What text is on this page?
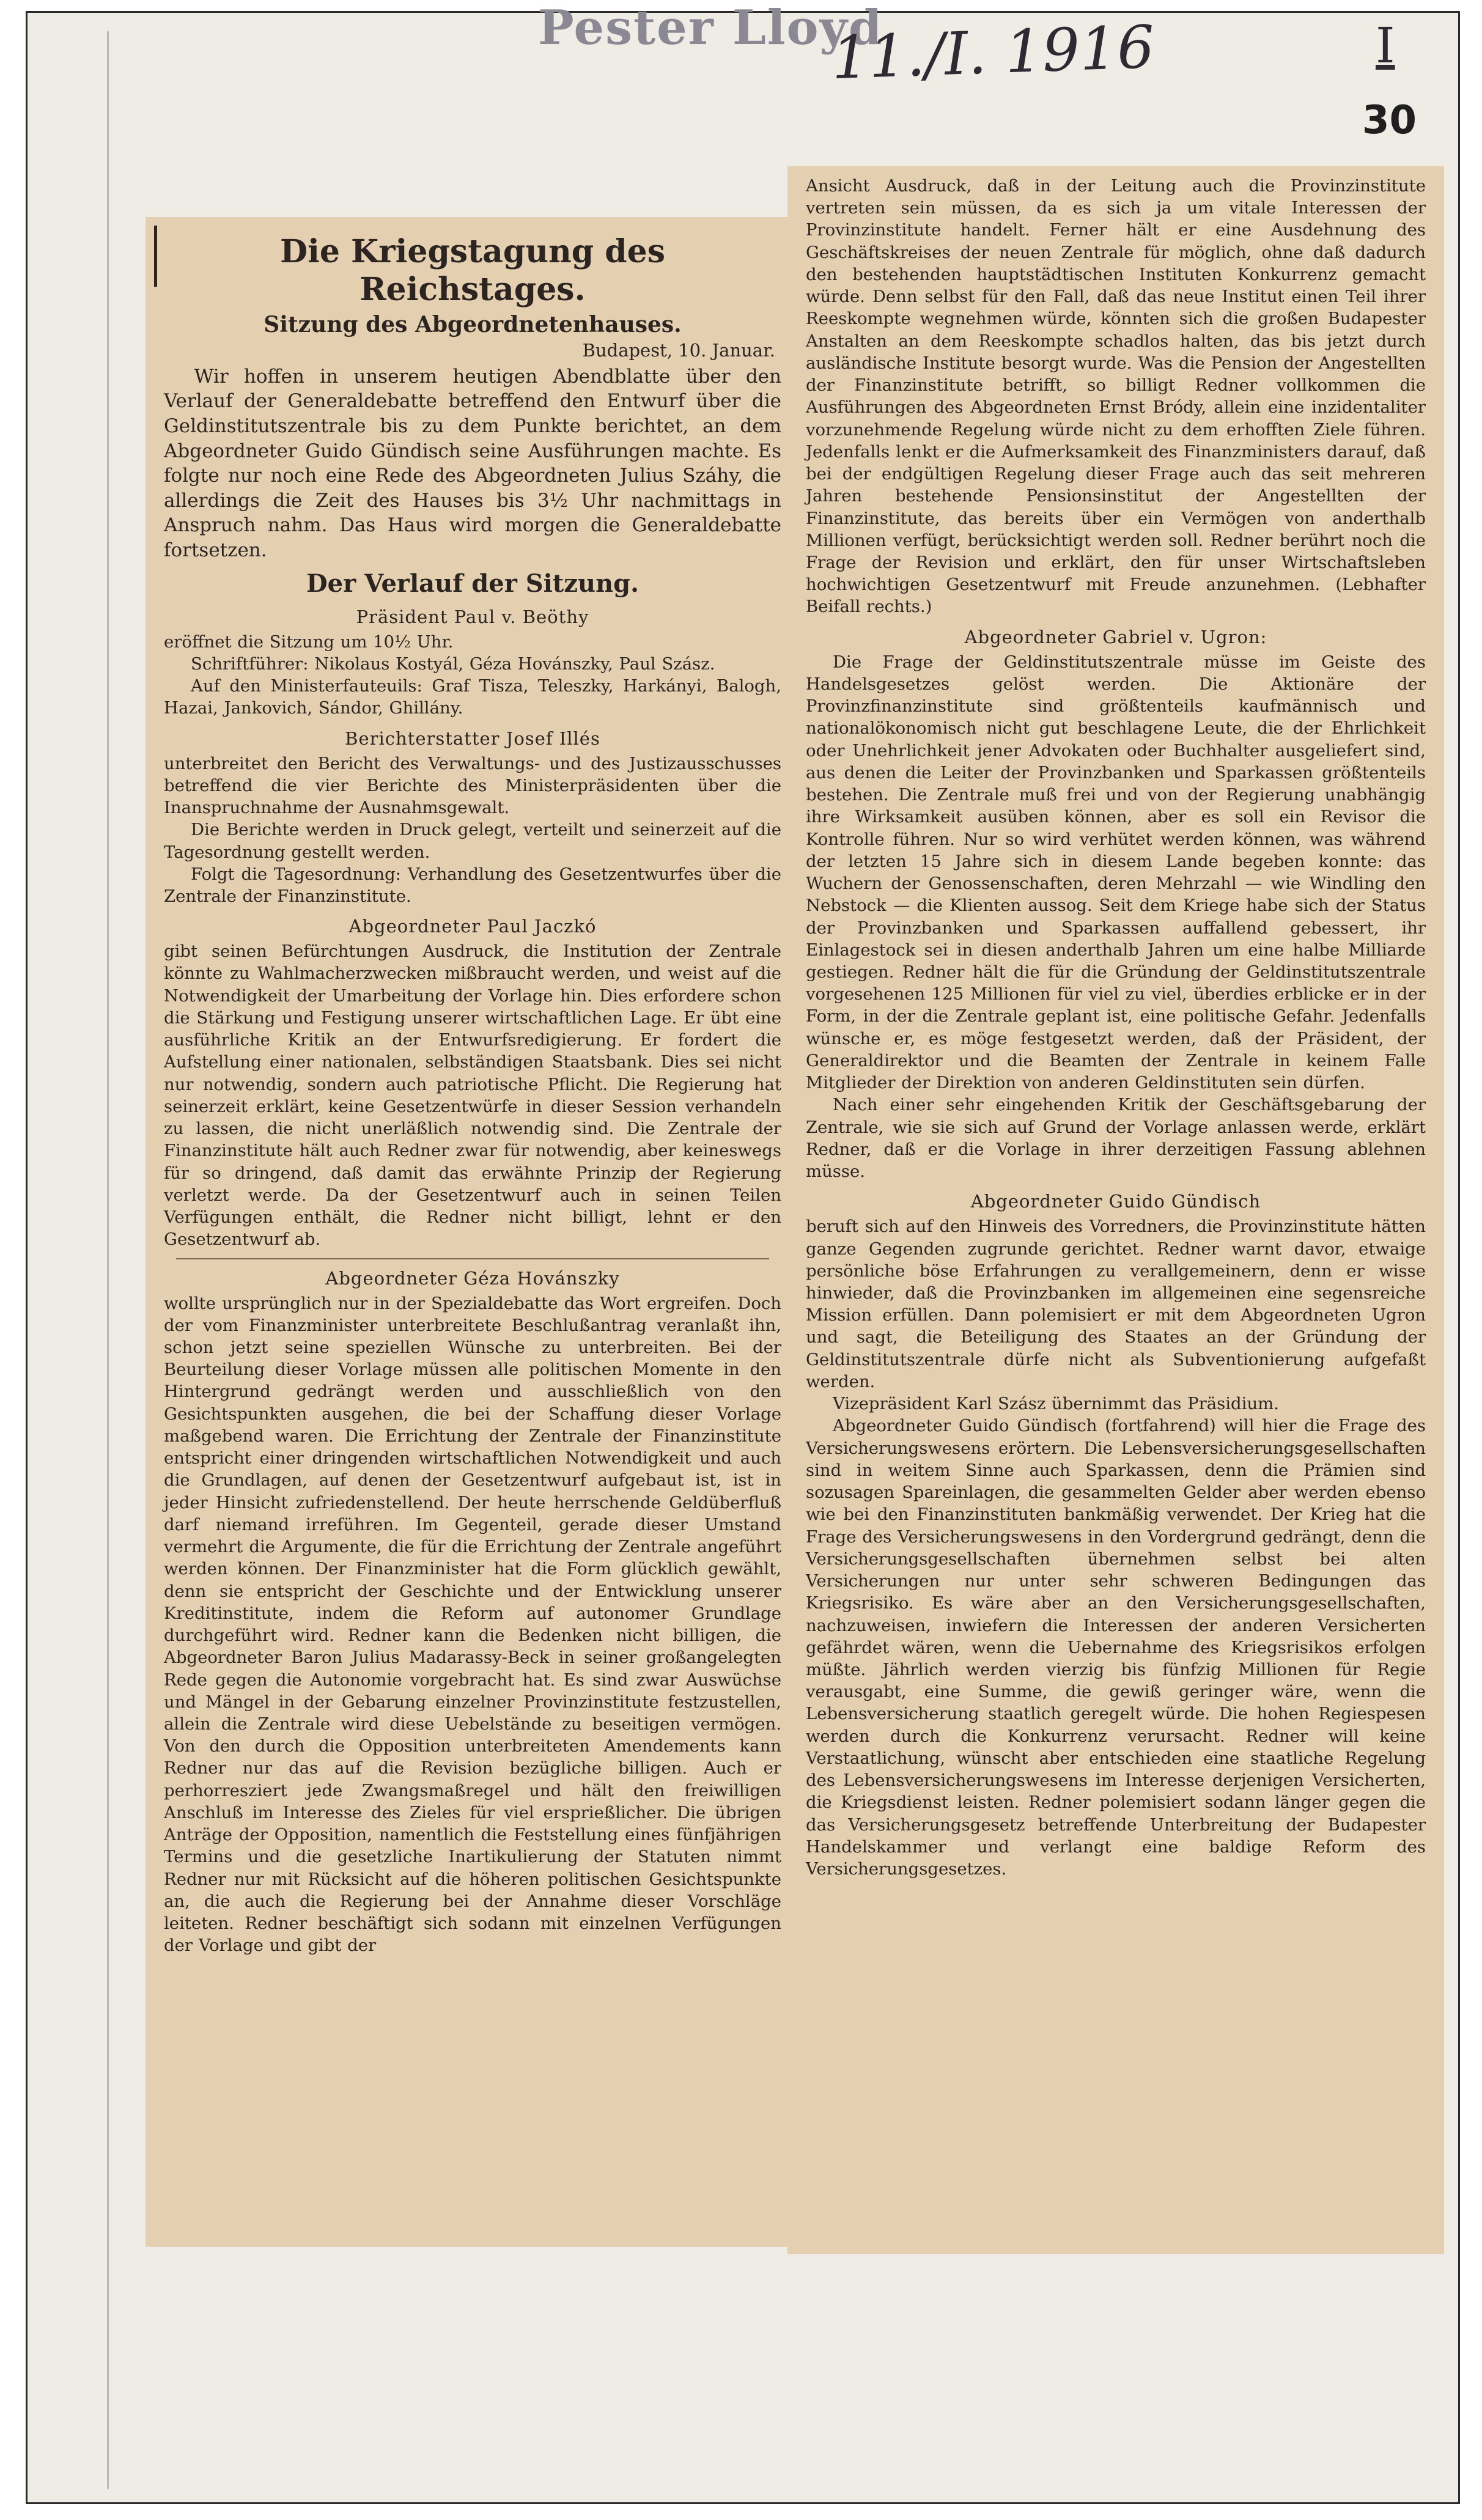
Pester Lloyd
11./I. 1916	I
30
Die Kriegstagung des Reichstages.
Sitzung des Abgeordnetenhauses.
Budapest, 10. Januar.

Wir hoffen in unserem heutigen Abendblatte über den Verlauf der Generaldebatte betreffend den Entwurf über die Geldinstitutszentrale bis zu dem Punkte berichtet, an dem Abgeordneter Guido Gündisch seine Ausführungen machte. Es folgte nur noch eine Rede des Abgeordneten Julius Száhy, die allerdings die Zeit des Hauses bis 3½ Uhr nachmittags in Anspruch nahm. Das Haus wird morgen die Generaldebatte fortsetzen.

Der Verlauf der Sitzung.
Präsident Paul v. Beöthy

eröffnet die Sitzung um 10½ Uhr.

Schriftführer: Nikolaus Kostyál, Géza Hovánszky, Paul Szász.

Auf den Ministerfauteuils: Graf Tisza, Teleszky, Harkányi, Balogh, Hazai, Jankovich, Sándor, Ghillány.

Berichterstatter Josef Illés

unterbreitet den Bericht des Verwaltungs- und des Justizausschusses betreffend die vier Berichte des Ministerpräsidenten über die Inanspruchnahme der Ausnahmsgewalt.

Die Berichte werden in Druck gelegt, verteilt und seinerzeit auf die Tagesordnung gestellt werden.

Folgt die Tagesordnung: Verhandlung des Gesetzentwurfes über die Zentrale der Finanzinstitute.

Abgeordneter Paul Jaczkó

gibt seinen Befürchtungen Ausdruck, die Institution der Zentrale könnte zu Wahlmacherzwecken mißbraucht werden, und weist auf die Notwendigkeit der Umarbeitung der Vorlage hin. Dies erfordere schon die Stärkung und Festigung unserer wirtschaftlichen Lage. Er übt eine ausführliche Kritik an der Entwurfsredigierung. Er fordert die Aufstellung einer nationalen, selbständigen Staatsbank. Dies sei nicht nur notwendig, sondern auch patriotische Pflicht. Die Regierung hat seinerzeit erklärt, keine Gesetzentwürfe in dieser Session verhandeln zu lassen, die nicht unerläßlich notwendig sind. Die Zentrale der Finanzinstitute hält auch Redner zwar für notwendig, aber keineswegs für so dringend, daß damit das erwähnte Prinzip der Regierung verletzt werde. Da der Gesetzentwurf auch in seinen Teilen Verfügungen enthält, die Redner nicht billigt, lehnt er den Gesetzentwurf ab.

Abgeordneter Géza Hovánszky

wollte ursprünglich nur in der Spezialdebatte das Wort ergreifen. Doch der vom Finanzminister unterbreitete Beschlußantrag veranlaßt ihn, schon jetzt seine speziellen Wünsche zu unterbreiten. Bei der Beurteilung dieser Vorlage müssen alle politischen Momente in den Hintergrund gedrängt werden und ausschließlich von den Gesichtspunkten ausgehen, die bei der Schaffung dieser Vorlage maßgebend waren. Die Errichtung der Zentrale der Finanzinstitute entspricht einer dringenden wirtschaftlichen Notwendigkeit und auch die Grundlagen, auf denen der Gesetzentwurf aufgebaut ist, ist in jeder Hinsicht zufriedenstellend. Der heute herrschende Geldüberfluß darf niemand irreführen. Im Gegenteil, gerade dieser Umstand vermehrt die Argumente, die für die Errichtung der Zentrale angeführt werden können. Der Finanzminister hat die Form glücklich gewählt, denn sie entspricht der Geschichte und der Entwicklung unserer Kreditinstitute, indem die Reform auf autonomer Grundlage durchgeführt wird. Redner kann die Bedenken nicht billigen, die Abgeordneter Baron Julius Madarassy-Beck in seiner großangelegten Rede gegen die Autonomie vorgebracht hat. Es sind zwar Auswüchse und Mängel in der Gebarung einzelner Provinzinstitute festzustellen, allein die Zentrale wird diese Uebelstände zu beseitigen vermögen. Von den durch die Opposition unterbreiteten Amendements kann Redner nur das auf die Revision bezügliche billigen. Auch er perhorresziert jede Zwangsmaßregel und hält den freiwilligen Anschluß im Interesse des Zieles für viel ersprießlicher. Die übrigen Anträge der Opposition, namentlich die Feststellung eines fünfjährigen Termins und die gesetzliche Inartikulierung der Statuten nimmt Redner nur mit Rücksicht auf die höheren politischen Gesichtspunkte an, die auch die Regierung bei der Annahme dieser Vorschläge leiteten. Redner beschäftigt sich sodann mit einzelnen Verfügungen der Vorlage und gibt der

Ansicht Ausdruck, daß in der Leitung auch die Provinzinstitute vertreten sein müssen, da es sich ja um vitale Interessen der Provinzinstitute handelt. Ferner hält er eine Ausdehnung des Geschäftskreises der neuen Zentrale für möglich, ohne daß dadurch den bestehenden hauptstädtischen Instituten Konkurrenz gemacht würde. Denn selbst für den Fall, daß das neue Institut einen Teil ihrer Reeskompte wegnehmen würde, könnten sich die großen Budapester Anstalten an dem Reeskompte schadlos halten, das bis jetzt durch ausländische Institute besorgt wurde. Was die Pension der Angestellten der Finanzinstitute betrifft, so billigt Redner vollkommen die Ausführungen des Abgeordneten Ernst Bródy, allein eine inzidentaliter vorzunehmende Regelung würde nicht zu dem erhofften Ziele führen. Jedenfalls lenkt er die Aufmerksamkeit des Finanzministers darauf, daß bei der endgültigen Regelung dieser Frage auch das seit mehreren Jahren bestehende Pensionsinstitut der Angestellten der Finanzinstitute, das bereits über ein Vermögen von anderthalb Millionen verfügt, berücksichtigt werden soll. Redner berührt noch die Frage der Revision und erklärt, den für unser Wirtschaftsleben hochwichtigen Gesetzentwurf mit Freude anzunehmen. (Lebhafter Beifall rechts.)

Abgeordneter Gabriel v. Ugron:

Die Frage der Geldinstitutszentrale müsse im Geiste des Handelsgesetzes gelöst werden. Die Aktionäre der Provinzfinanzinstitute sind größtenteils kaufmännisch und nationalökonomisch nicht gut beschlagene Leute, die der Ehrlichkeit oder Unehrlichkeit jener Advokaten oder Buchhalter ausgeliefert sind, aus denen die Leiter der Provinzbanken und Sparkassen größtenteils bestehen. Die Zentrale muß frei und von der Regierung unabhängig ihre Wirksamkeit ausüben können, aber es soll ein Revisor die Kontrolle führen. Nur so wird verhütet werden können, was während der letzten 15 Jahre sich in diesem Lande begeben konnte: das Wuchern der Genossenschaften, deren Mehrzahl — wie Windling den Nebstock — die Klienten aussog. Seit dem Kriege habe sich der Status der Provinzbanken und Sparkassen auffallend gebessert, ihr Einlagestock sei in diesen anderthalb Jahren um eine halbe Milliarde gestiegen. Redner hält die für die Gründung der Geldinstitutszentrale vorgesehenen 125 Millionen für viel zu viel, überdies erblicke er in der Form, in der die Zentrale geplant ist, eine politische Gefahr. Jedenfalls wünsche er, es möge festgesetzt werden, daß der Präsident, der Generaldirektor und die Beamten der Zentrale in keinem Falle Mitglieder der Direktion von anderen Geldinstituten sein dürfen.

Nach einer sehr eingehenden Kritik der Geschäftsgebarung der Zentrale, wie sie sich auf Grund der Vorlage anlassen werde, erklärt Redner, daß er die Vorlage in ihrer derzeitigen Fassung ablehnen müsse.

Abgeordneter Guido Gündisch

beruft sich auf den Hinweis des Vorredners, die Provinzinstitute hätten ganze Gegenden zugrunde gerichtet. Redner warnt davor, etwaige persönliche böse Erfahrungen zu verallgemeinern, denn er wisse hinwieder, daß die Provinzbanken im allgemeinen eine segensreiche Mission erfüllen. Dann polemisiert er mit dem Abgeordneten Ugron und sagt, die Beteiligung des Staates an der Gründung der Geldinstitutszentrale dürfe nicht als Subventionierung aufgefaßt werden.

Vizepräsident Karl Szász übernimmt das Präsidium.

Abgeordneter Guido Gündisch (fortfahrend) will hier die Frage des Versicherungswesens erörtern. Die Lebensversicherungsgesellschaften sind in weitem Sinne auch Sparkassen, denn die Prämien sind sozusagen Spareinlagen, die gesammelten Gelder aber werden ebenso wie bei den Finanzinstituten bankmäßig verwendet. Der Krieg hat die Frage des Versicherungswesens in den Vordergrund gedrängt, denn die Versicherungsgesellschaften übernehmen selbst bei alten Versicherungen nur unter sehr schweren Bedingungen das Kriegsrisiko. Es wäre aber an den Versicherungsgesellschaften, nachzuweisen, inwiefern die Interessen der anderen Versicherten gefährdet wären, wenn die Uebernahme des Kriegsrisikos erfolgen müßte. Jährlich werden vierzig bis fünfzig Millionen für Regie verausgabt, eine Summe, die gewiß geringer wäre, wenn die Lebensversicherung staatlich geregelt würde. Die hohen Regiespesen werden durch die Konkurrenz verursacht. Redner will keine Verstaatlichung, wünscht aber entschieden eine staatliche Regelung des Lebensversicherungswesens im Interesse derjenigen Versicherten, die Kriegsdienst leisten. Redner polemisiert sodann länger gegen die das Versicherungsgesetz betreffende Unterbreitung der Budapester Handelskammer und verlangt eine baldige Reform des Versicherungsgesetzes.
